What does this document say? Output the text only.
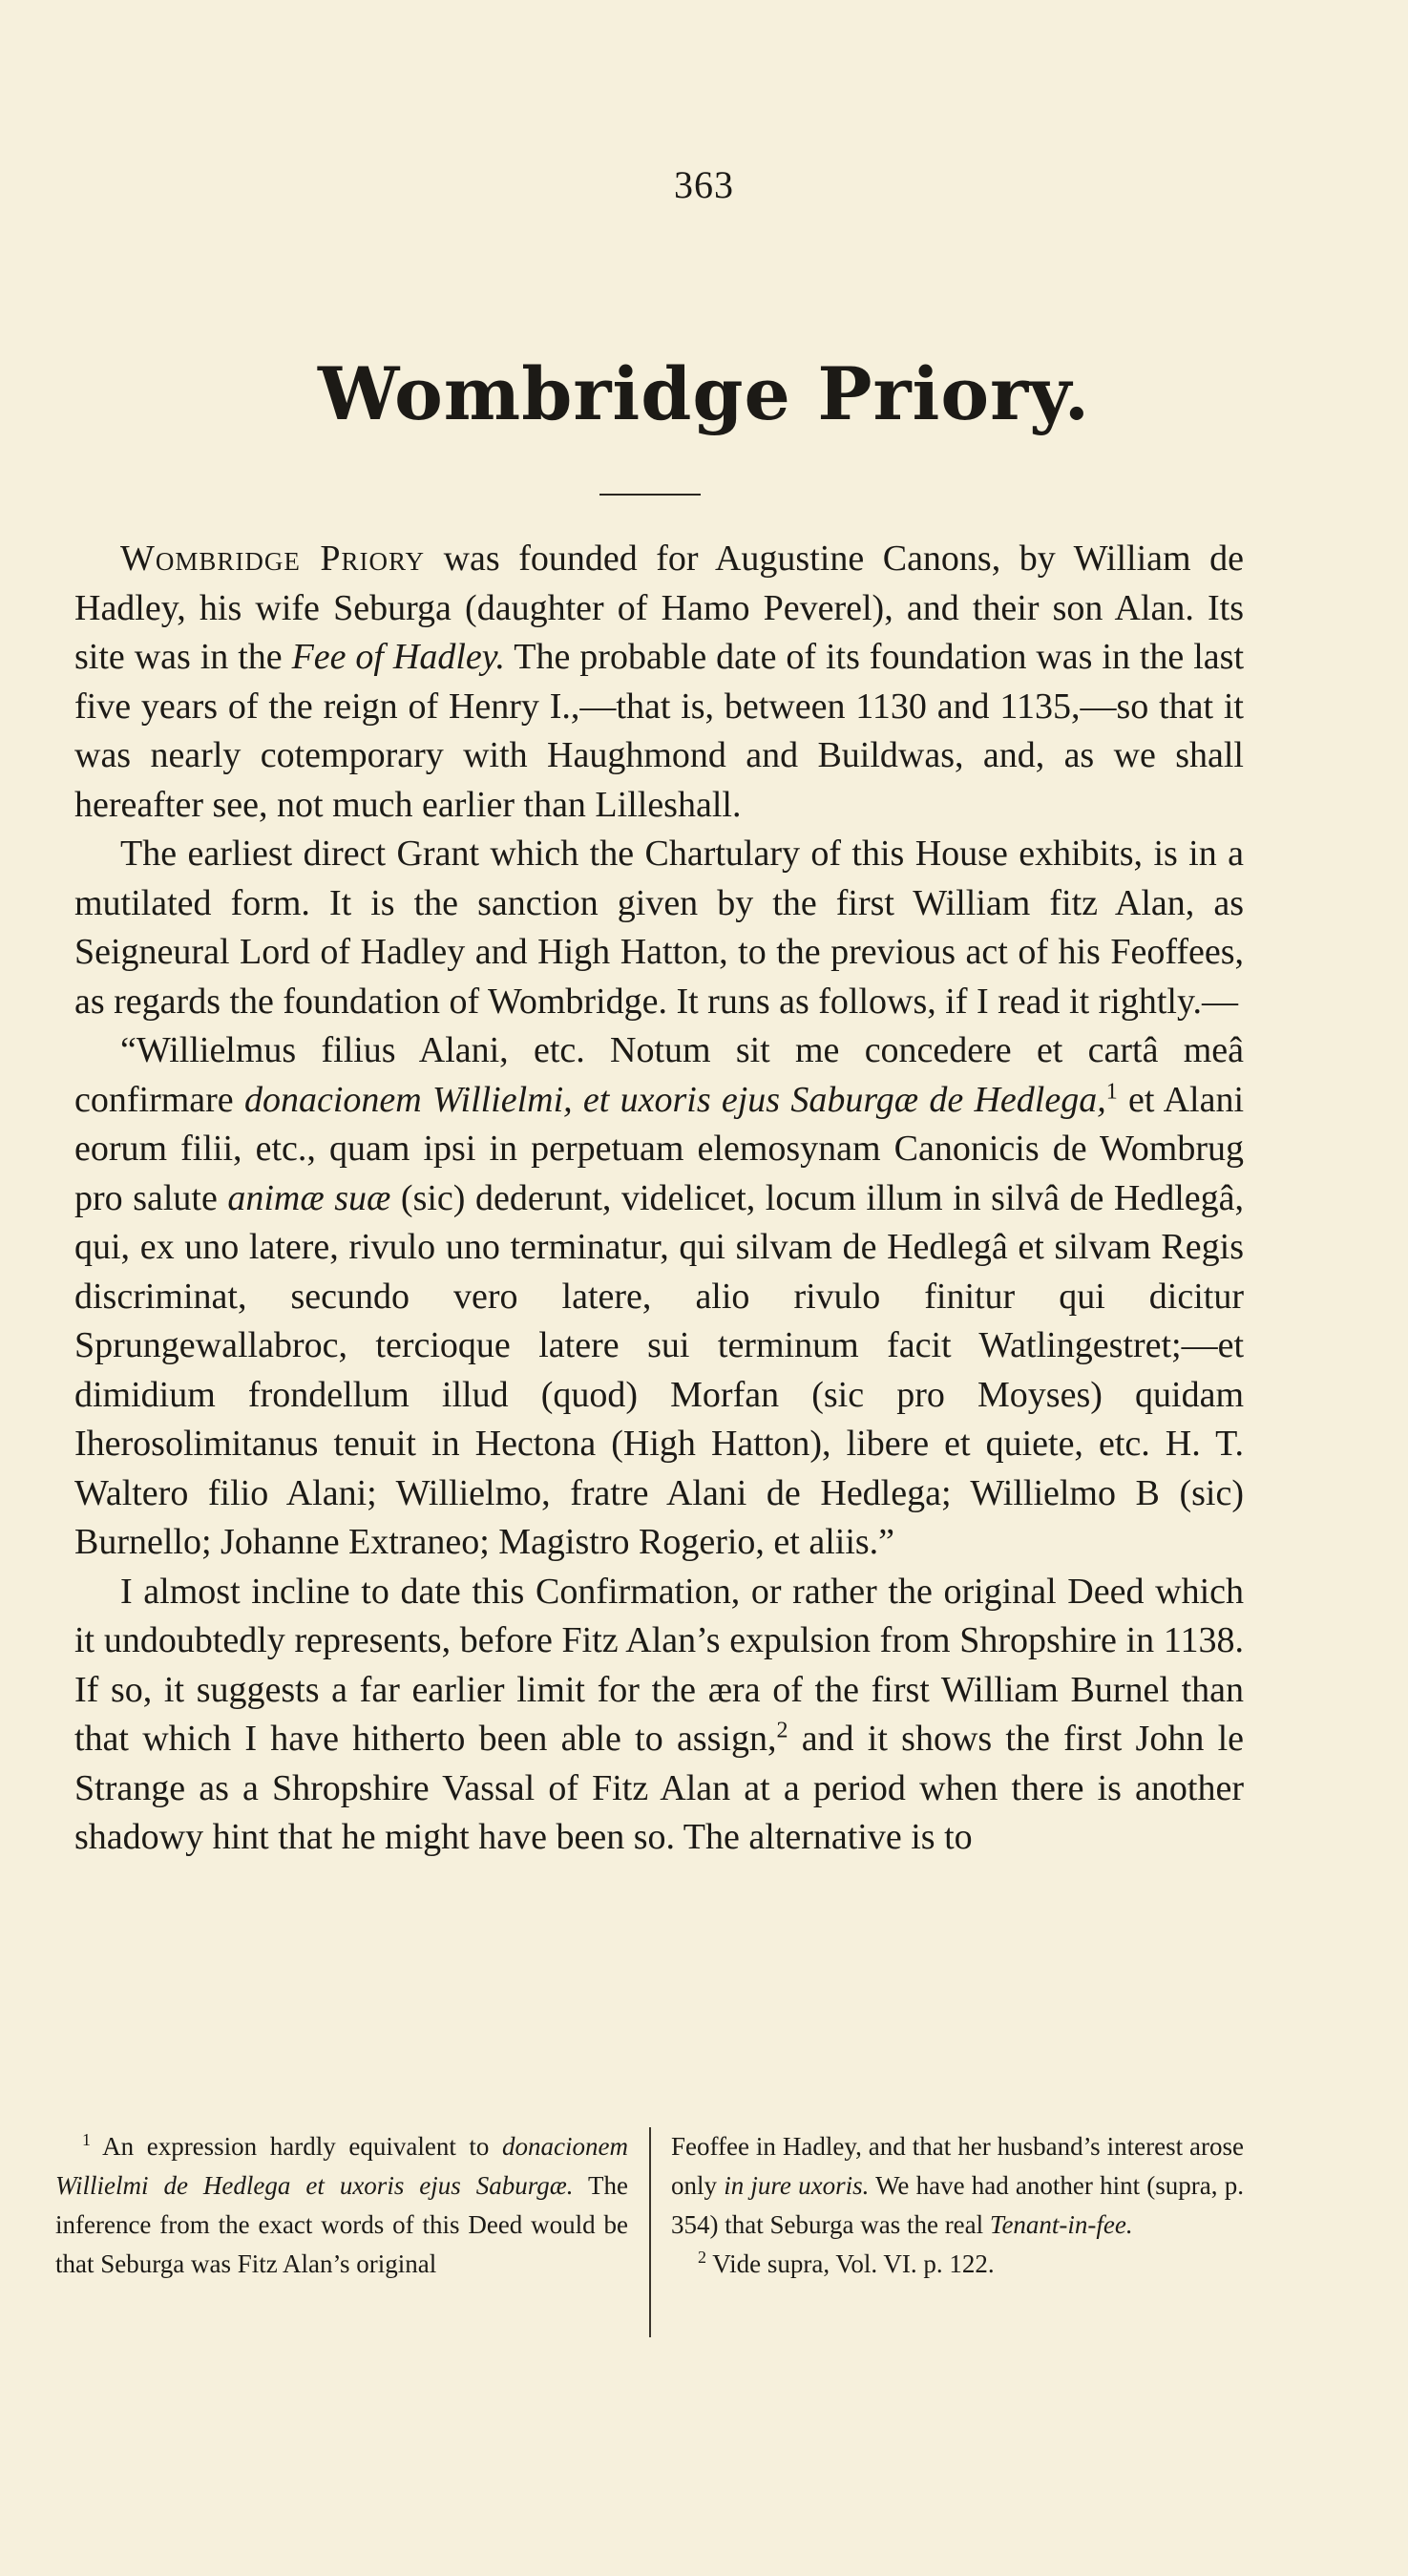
363
Wombridge Priory.

Wombridge Priory was founded for Augustine Canons, by William de Hadley, his wife Seburga (daughter of Hamo Peverel), and their son Alan. Its site was in the Fee of Hadley. The probable date of its foundation was in the last five years of the reign of Henry I.,—that is, between 1130 and 1135,—so that it was nearly cotemporary with Haughmond and Buildwas, and, as we shall hereafter see, not much earlier than Lilleshall.

The earliest direct Grant which the Chartulary of this House exhibits, is in a mutilated form. It is the sanction given by the first William fitz Alan, as Seigneural Lord of Hadley and High Hatton, to the previous act of his Feoffees, as regards the foundation of Wombridge. It runs as follows, if I read it rightly.—

“Willielmus filius Alani, etc. Notum sit me concedere et cartâ meâ confirmare donacionem Willielmi, et uxoris ejus Saburgæ de Hedlega,$^1$ et Alani eorum filii, etc., quam ipsi in perpetuam elemosynam Canonicis de Wombrug pro salute animæ suæ (sic) dederunt, videlicet, locum illum in silvâ de Hedlegâ, qui, ex uno latere, rivulo uno terminatur, qui silvam de Hedlegâ et silvam Regis discriminat, secundo vero latere, alio rivulo finitur qui dicitur Sprungewallabroc, tercioque latere sui terminum facit Watlingestret;—et dimidium frondellum illud (quod) Morfan (sic pro Moyses) quidam Iherosolimitanus tenuit in Hectona (High Hatton), libere et quiete, etc. H. T. Waltero filio Alani; Willielmo, fratre Alani de Hedlega; Willielmo B (sic) Burnello; Johanne Extraneo; Magistro Rogerio, et aliis.”

I almost incline to date this Confirmation, or rather the original Deed which it undoubtedly represents, before Fitz Alan’s expulsion from Shropshire in 1138. If so, it suggests a far earlier limit for the æra of the first William Burnel than that which I have hitherto been able to assign,$^2$ and it shows the first John le Strange as a Shropshire Vassal of Fitz Alan at a period when there is another shadowy hint that he might have been so. The alternative is to

$^1$ An expression hardly equivalent to donacionem Willielmi de Hedlega et uxoris ejus Saburgæ. The inference from the exact words of this Deed would be that Seburga was Fitz Alan’s original

Feoffee in Hadley, and that her husband’s interest arose only in jure uxoris. We have had another hint (supra, p. 354) that Seburga was the real Tenant-in-fee.

$^2$ Vide supra, Vol. VI. p. 122.
